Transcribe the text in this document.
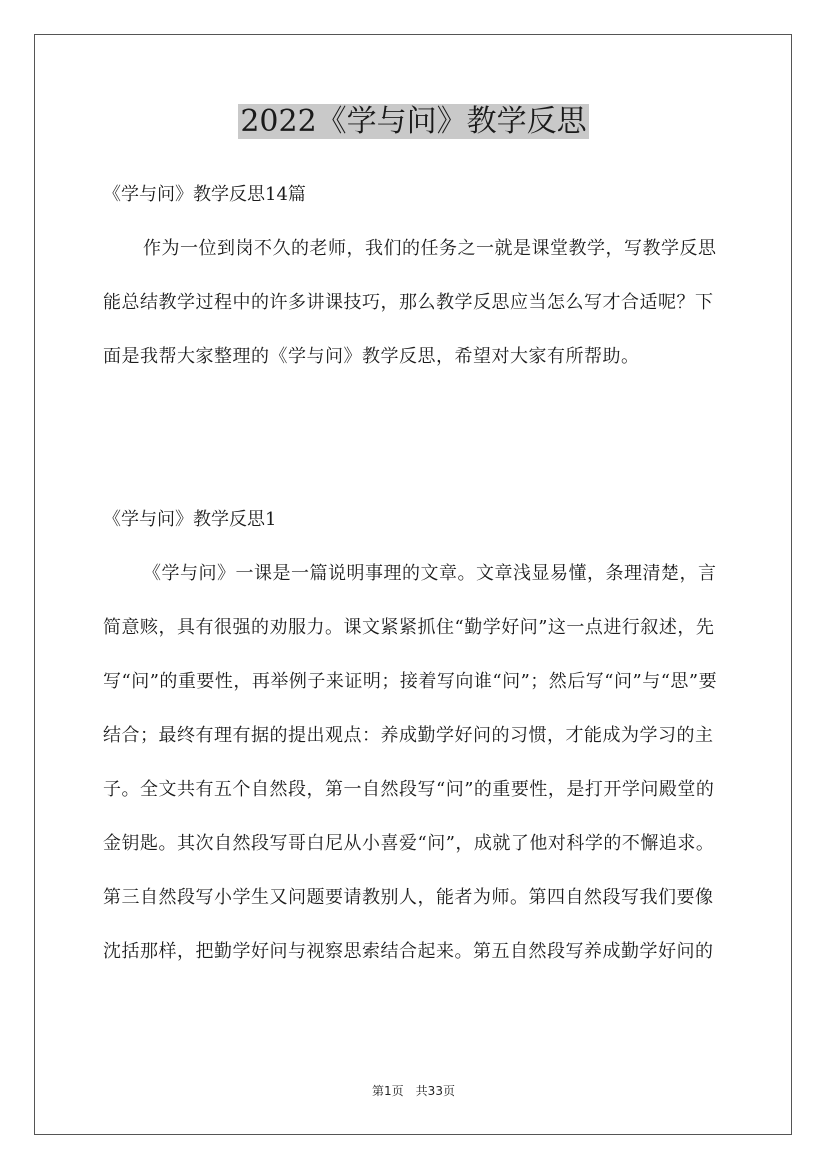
2022《学与问》教学反思

《学与问》教学反思14篇

作为一位到岗不久的老师，我们的任务之一就是课堂教学，写教学反思能总结教学过程中的许多讲课技巧，那么教学反思应当怎么写才合适呢？下面是我帮大家整理的《学与问》教学反思，希望对大家有所帮助。

《学与问》教学反思1

《学与问》一课是一篇说明事理的文章。文章浅显易懂，条理清楚，言简意赅，具有很强的劝服力。课文紧紧抓住“勤学好问”这一点进行叙述，先写“问”的重要性，再举例子来证明；接着写向谁“问”；然后写“问”与“思”要结合；最终有理有据的提出观点：养成勤学好问的习惯，才能成为学习的主子。全文共有五个自然段，第一自然段写“问”的重要性，是打开学问殿堂的金钥匙。其次自然段写哥白尼从小喜爱“问”，成就了他对科学的不懈追求。第三自然段写小学生又问题要请教别人，能者为师。第四自然段写我们要像沈括那样，把勤学好问与视察思索结合起来。第五自然段写养成勤学好问的

第1页　共33页
